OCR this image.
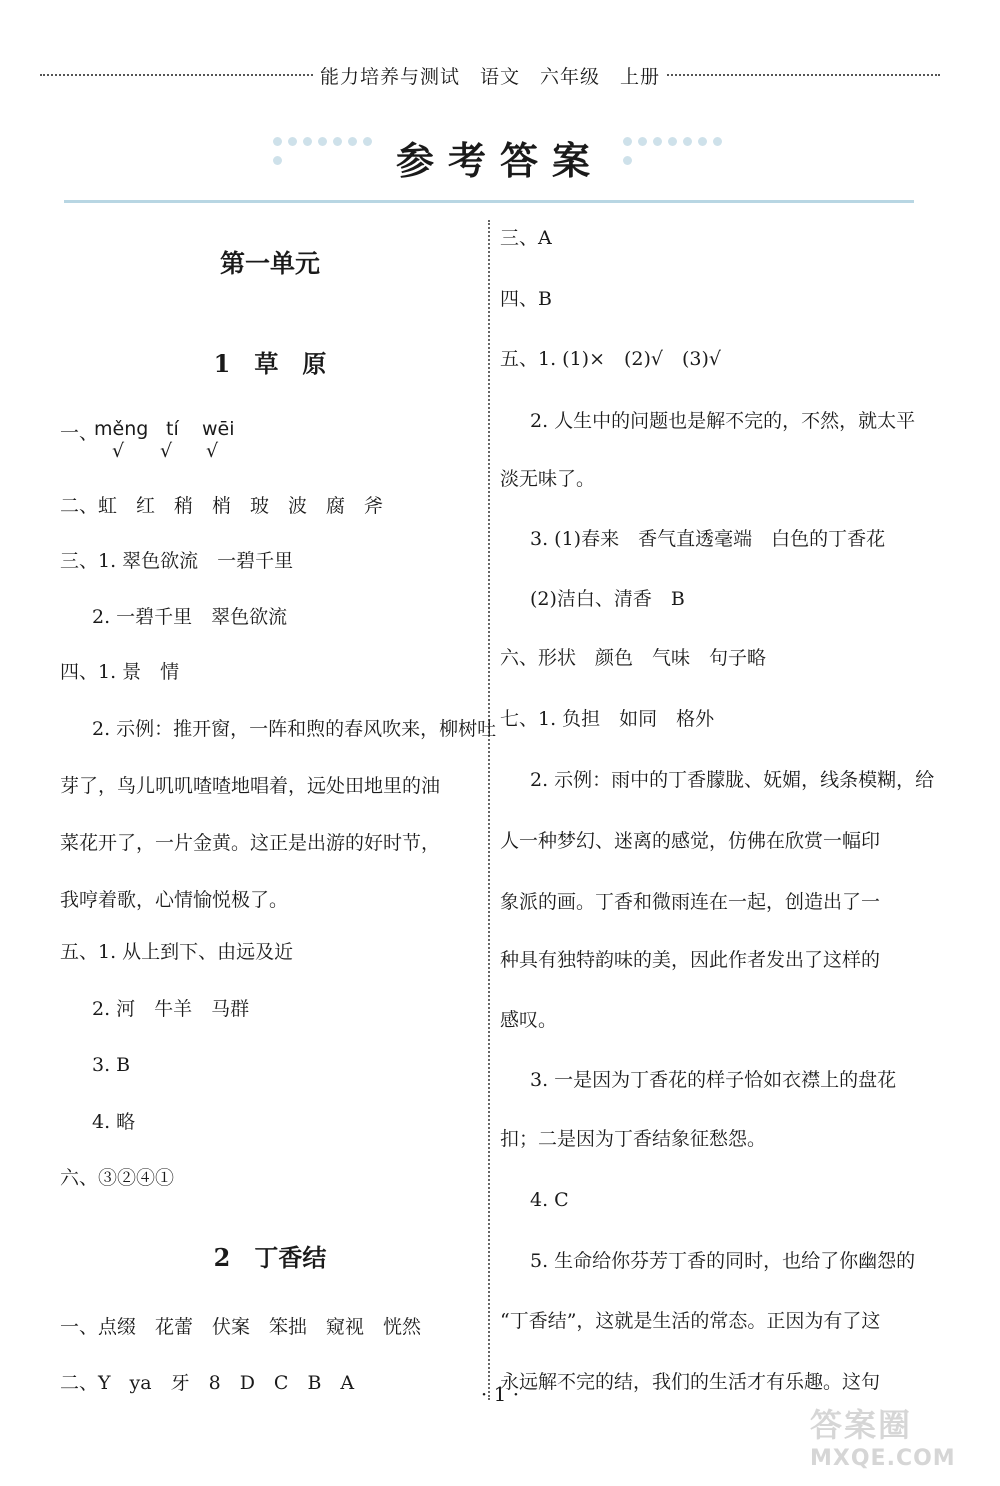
能力培养与测试　语文　六年级　上册
参考答案
第一单元
1　草　原
一、
měng tí wēi
√ √ √
二、虹　红　稍　梢　玻　波　腐　斧
三、1. 翠色欲流　一碧千里
2. 一碧千里　翠色欲流
四、1. 景　情
2. 示例：推开窗，一阵和煦的春风吹来，柳树吐
芽了，鸟儿叽叽喳喳地唱着，远处田地里的油
菜花开了，一片金黄。这正是出游的好时节，
我哼着歌，心情愉悦极了。
五、1. 从上到下、由远及近
2. 河　牛羊　马群
3. B
4. 略
六、③②④①
2　丁香结
一、点缀　花蕾　伏案　笨拙　窥视　恍然
二、Y　ya　牙　8　D　C　B　A
三、A
四、B
五、1. (1)×　(2)√　(3)√
2. 人生中的问题也是解不完的，不然，就太平
淡无味了。
3. (1)春来　香气直透毫端　白色的丁香花
(2)洁白、清香　B
六、形状　颜色　气味　句子略
七、1. 负担　如同　格外
2. 示例：雨中的丁香朦胧、妩媚，线条模糊，给
人一种梦幻、迷离的感觉，仿佛在欣赏一幅印
象派的画。丁香和微雨连在一起，创造出了一
种具有独特韵味的美，因此作者发出了这样的
感叹。
3. 一是因为丁香花的样子恰如衣襟上的盘花
扣；二是因为丁香结象征愁怨。
4. C
5. 生命给你芬芳丁香的同时，也给了你幽怨的
“丁香结”，这就是生活的常态。正因为有了这
永远解不完的结，我们的生活才有乐趣。这句
· 1 ·
答案圈
MXQE.COM
